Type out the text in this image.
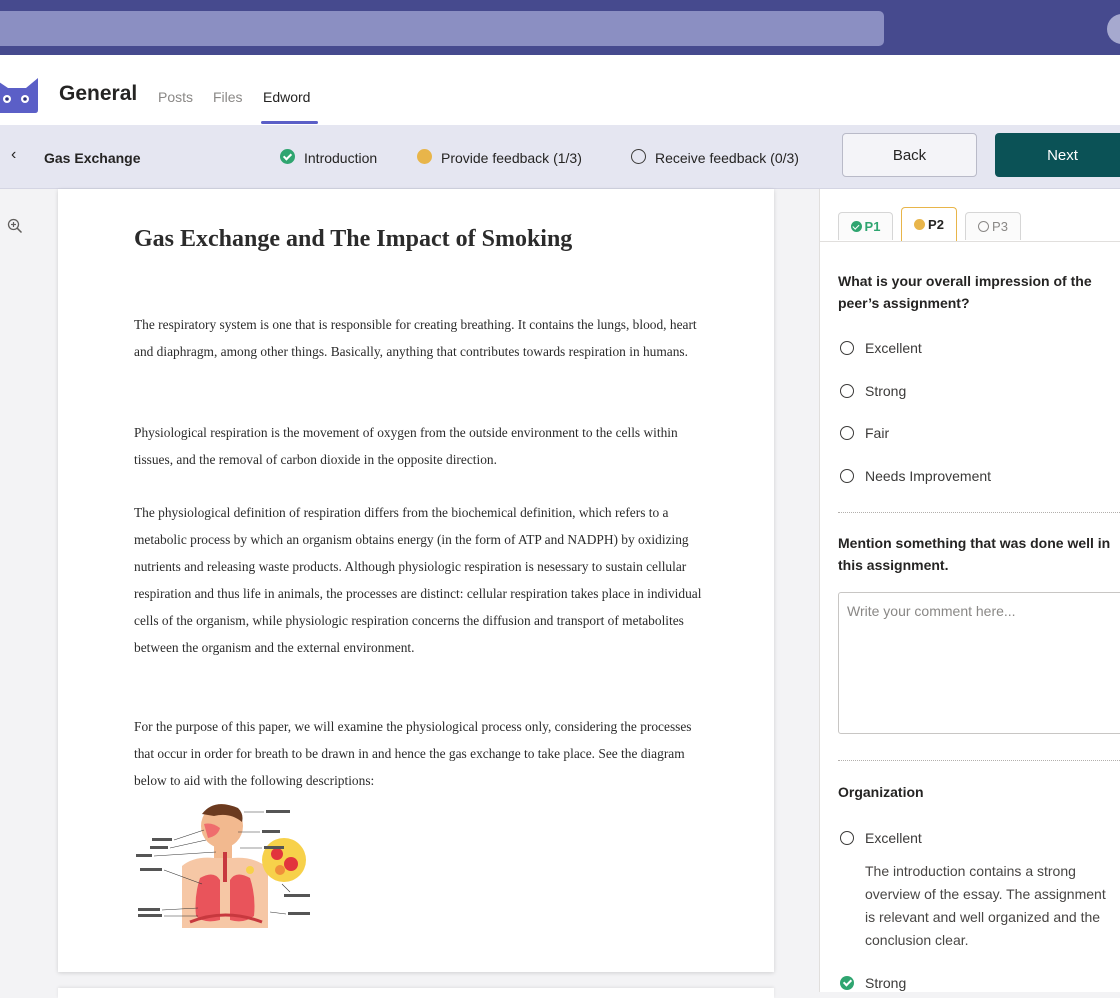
General Posts Files Edword
‹ Gas Exchange	Introduction	Provide feedback (1/3)	Receive feedback (0/3)	Back	Next
Gas Exchange and The Impact of Smoking

The respiratory system is one that is responsible for creating breathing. It contains the lungs, blood, heart and diaphragm, among other things. Basically, anything that contributes towards respiration in humans.

Physiological respiration is the movement of oxygen from the outside environment to the cells within tissues, and the removal of carbon dioxide in the opposite direction.

The physiological definition of respiration differs from the biochemical definition, which refers to a metabolic process by which an organism obtains energy (in the form of ATP and NADPH) by oxidizing nutrients and releasing waste products. Although physiologic respiration is nesessary to sustain cellular respiration and thus life in animals, the processes are distinct: cellular respiration takes place in individual cells of the organism, while physiologic respiration concerns the diffusion and transport of metabolites between the organism and the external environment.

For the purpose of this paper, we will examine the physiological process only, considering the processes that occur in order for breath to be drawn in and hence the gas exchange to take place. See the diagram below to aid with the following descriptions:

P1	P2	P3

What is your overall impression of the peer’s assignment?

Excellent
Strong
Fair
Needs Improvement

Mention something that was done well in this assignment.

Write your comment here...

Organization

Excellent

The introduction contains a strong overview of the essay. The assignment is relevant and well organized and the conclusion clear.

Strong
